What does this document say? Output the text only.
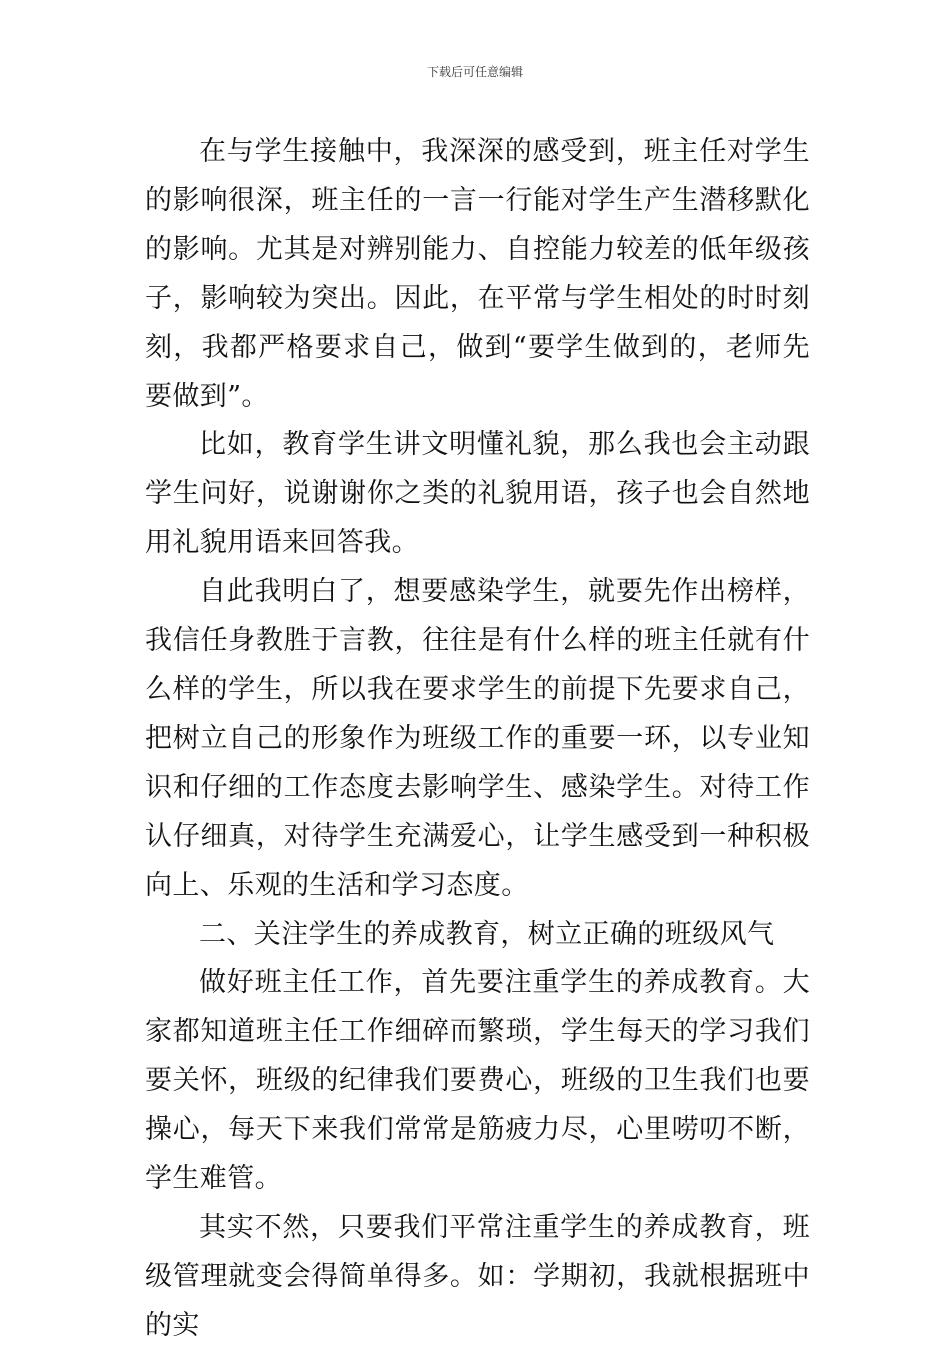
下载后可任意编辑

在与学生接触中，我深深的感受到，班主任对学生的影响很深，班主任的一言一行能对学生产生潜移默化的影响。尤其是对辨别能力、自控能力较差的低年级孩子，影响较为突出。因此，在平常与学生相处的时时刻刻，我都严格要求自己，做到“要学生做到的，老师先要做到”。

比如，教育学生讲文明懂礼貌，那么我也会主动跟学生问好，说谢谢你之类的礼貌用语，孩子也会自然地用礼貌用语来回答我。

自此我明白了，想要感染学生，就要先作出榜样，我信任身教胜于言教，往往是有什么样的班主任就有什么样的学生，所以我在要求学生的前提下先要求自己，把树立自己的形象作为班级工作的重要一环，以专业知识和仔细的工作态度去影响学生、感染学生。对待工作认仔细真，对待学生充满爱心，让学生感受到一种积极向上、乐观的生活和学习态度。

二、关注学生的养成教育，树立正确的班级风气

做好班主任工作，首先要注重学生的养成教育。大家都知道班主任工作细碎而繁琐，学生每天的学习我们要关怀，班级的纪律我们要费心，班级的卫生我们也要操心，每天下来我们常常是筋疲力尽，心里唠叨不断，学生难管。

其实不然，只要我们平常注重学生的养成教育，班级管理就变会得简单得多。如：学期初，我就根据班中的实
